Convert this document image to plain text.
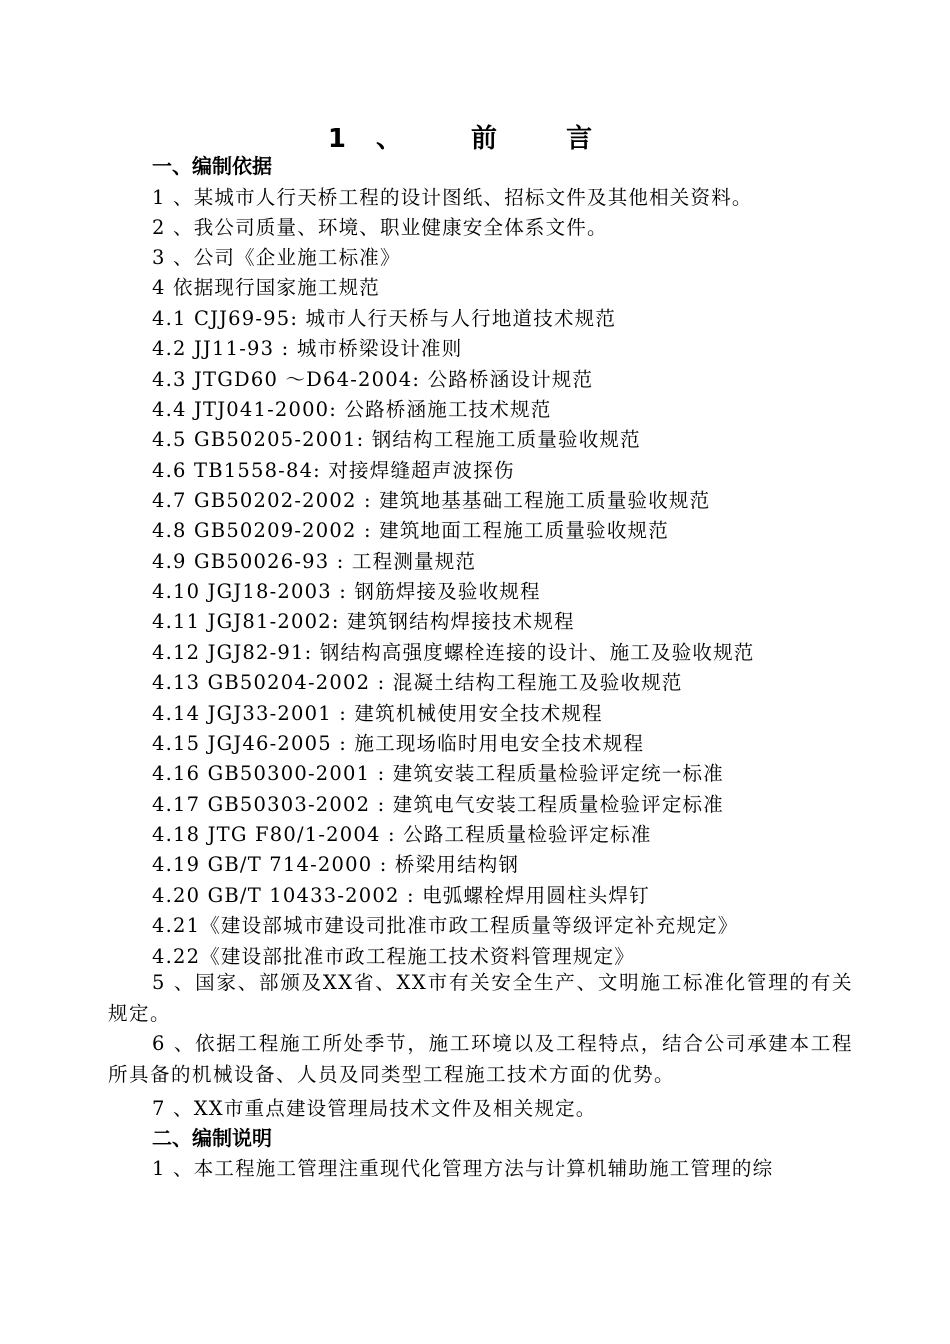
1、 前 言
一、编制依据
1 、某城市人行天桥工程的设计图纸、招标文件及其他相关资料。
2 、我公司质量、环境、职业健康安全体系文件。
3 、公司《企业施工标准》
4 依据现行国家施工规范
4.1 CJJ69-95: 城市人行天桥与人行地道技术规范
4.2 JJ11-93 : 城市桥梁设计准则
4.3 JTGD60 ～D64-2004: 公路桥涵设计规范
4.4 JTJ041-2000: 公路桥涵施工技术规范
4.5 GB50205-2001: 钢结构工程施工质量验收规范
4.6 TB1558-84: 对接焊缝超声波探伤
4.7 GB50202-2002 : 建筑地基基础工程施工质量验收规范
4.8 GB50209-2002 : 建筑地面工程施工质量验收规范
4.9 GB50026-93 : 工程测量规范
4.10 JGJ18-2003 : 钢筋焊接及验收规程
4.11 JGJ81-2002: 建筑钢结构焊接技术规程
4.12 JGJ82-91: 钢结构高强度螺栓连接的设计、施工及验收规范
4.13 GB50204-2002 : 混凝土结构工程施工及验收规范
4.14 JGJ33-2001 : 建筑机械使用安全技术规程
4.15 JGJ46-2005 : 施工现场临时用电安全技术规程
4.16 GB50300-2001 : 建筑安装工程质量检验评定统一标准
4.17 GB50303-2002 : 建筑电气安装工程质量检验评定标准
4.18 JTG F80/1-2004 : 公路工程质量检验评定标准
4.19 GB/T 714-2000 : 桥梁用结构钢
4.20 GB/T 10433-2002 : 电弧螺栓焊用圆柱头焊钉
4.21《建设部城市建设司批准市政工程质量等级评定补充规定》
4.22《建设部批准市政工程施工技术资料管理规定》
5 、国家、部颁及XX省、XX市有关安全生产、文明施工标准化管理的有关规定。
6 、依据工程施工所处季节，施工环境以及工程特点，结合公司承建本工程所具备的机械设备、人员及同类型工程施工技术方面的优势。
7 、XX市重点建设管理局技术文件及相关规定。
二、编制说明
1 、本工程施工管理注重现代化管理方法与计算机辅助施工管理的综
